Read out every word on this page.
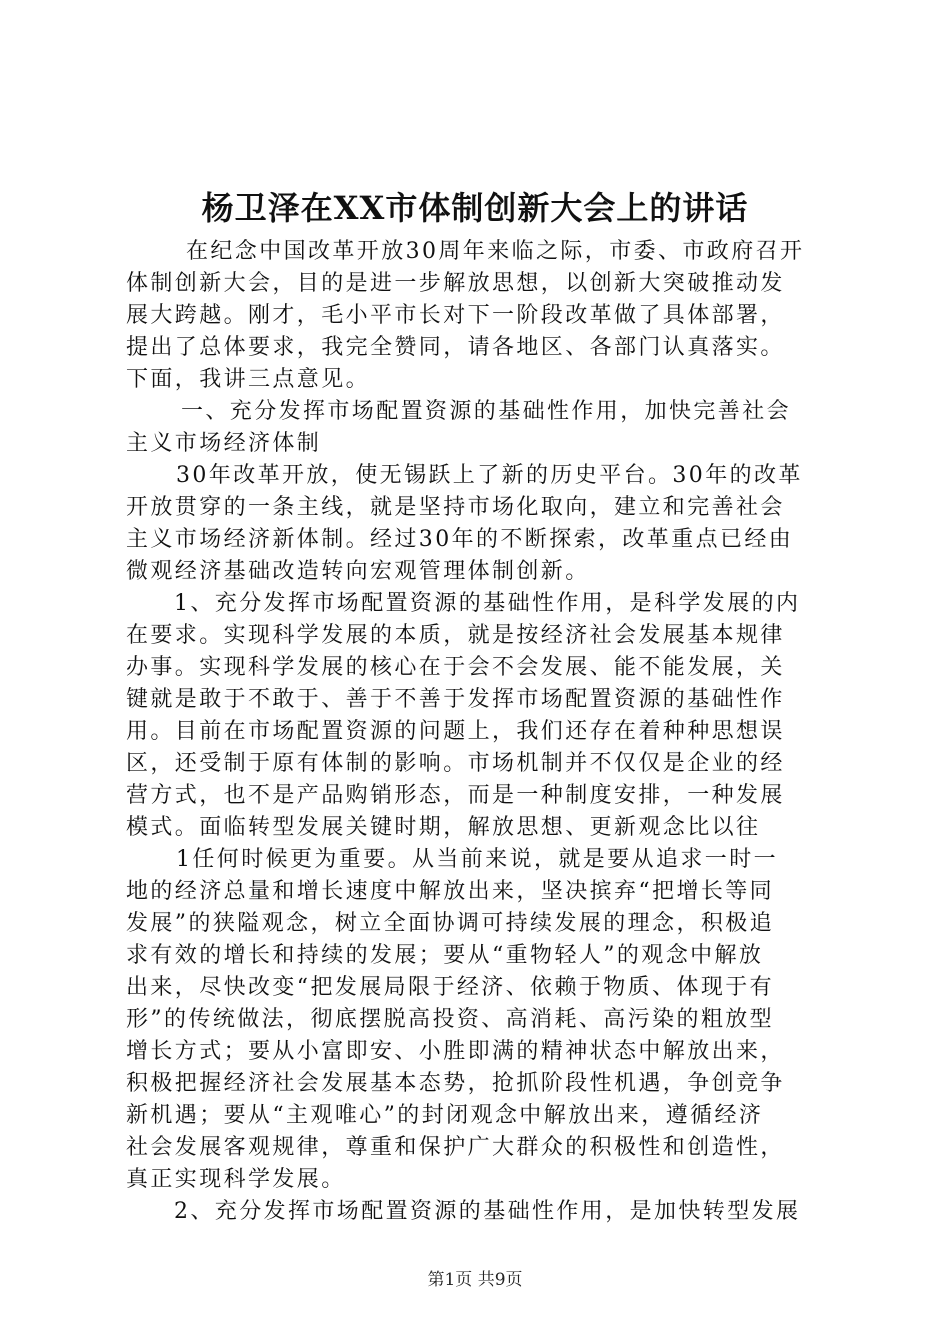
杨卫泽在XX市体制创新大会上的讲话
在纪念中国改革开放30周年来临之际，市委、市政府召开
体制创新大会，目的是进一步解放思想，以创新大突破推动发
展大跨越。刚才，毛小平市长对下一阶段改革做了具体部署，
提出了总体要求，我完全赞同，请各地区、各部门认真落实。
下面，我讲三点意见。
一、充分发挥市场配置资源的基础性作用，加快完善社会
主义市场经济体制
30年改革开放，使无锡跃上了新的历史平台。30年的改革
开放贯穿的一条主线，就是坚持市场化取向，建立和完善社会
主义市场经济新体制。经过30年的不断探索，改革重点已经由
微观经济基础改造转向宏观管理体制创新。
1、充分发挥市场配置资源的基础性作用，是科学发展的内
在要求。实现科学发展的本质，就是按经济社会发展基本规律
办事。实现科学发展的核心在于会不会发展、能不能发展，关
键就是敢于不敢于、善于不善于发挥市场配置资源的基础性作
用。目前在市场配置资源的问题上，我们还存在着种种思想误
区，还受制于原有体制的影响。市场机制并不仅仅是企业的经
营方式，也不是产品购销形态，而是一种制度安排，一种发展
模式。面临转型发展关键时期，解放思想、更新观念比以往
1任何时候更为重要。从当前来说，就是要从追求一时一
地的经济总量和增长速度中解放出来，坚决摈弃“把增长等同
发展”的狭隘观念，树立全面协调可持续发展的理念，积极追
求有效的增长和持续的发展；要从“重物轻人”的观念中解放
出来，尽快改变“把发展局限于经济、依赖于物质、体现于有
形”的传统做法，彻底摆脱高投资、高消耗、高污染的粗放型
增长方式；要从小富即安、小胜即满的精神状态中解放出来，
积极把握经济社会发展基本态势，抢抓阶段性机遇，争创竞争
新机遇；要从“主观唯心”的封闭观念中解放出来，遵循经济
社会发展客观规律，尊重和保护广大群众的积极性和创造性，
真正实现科学发展。
2、充分发挥市场配置资源的基础性作用，是加快转型发展
第1页 共9页
